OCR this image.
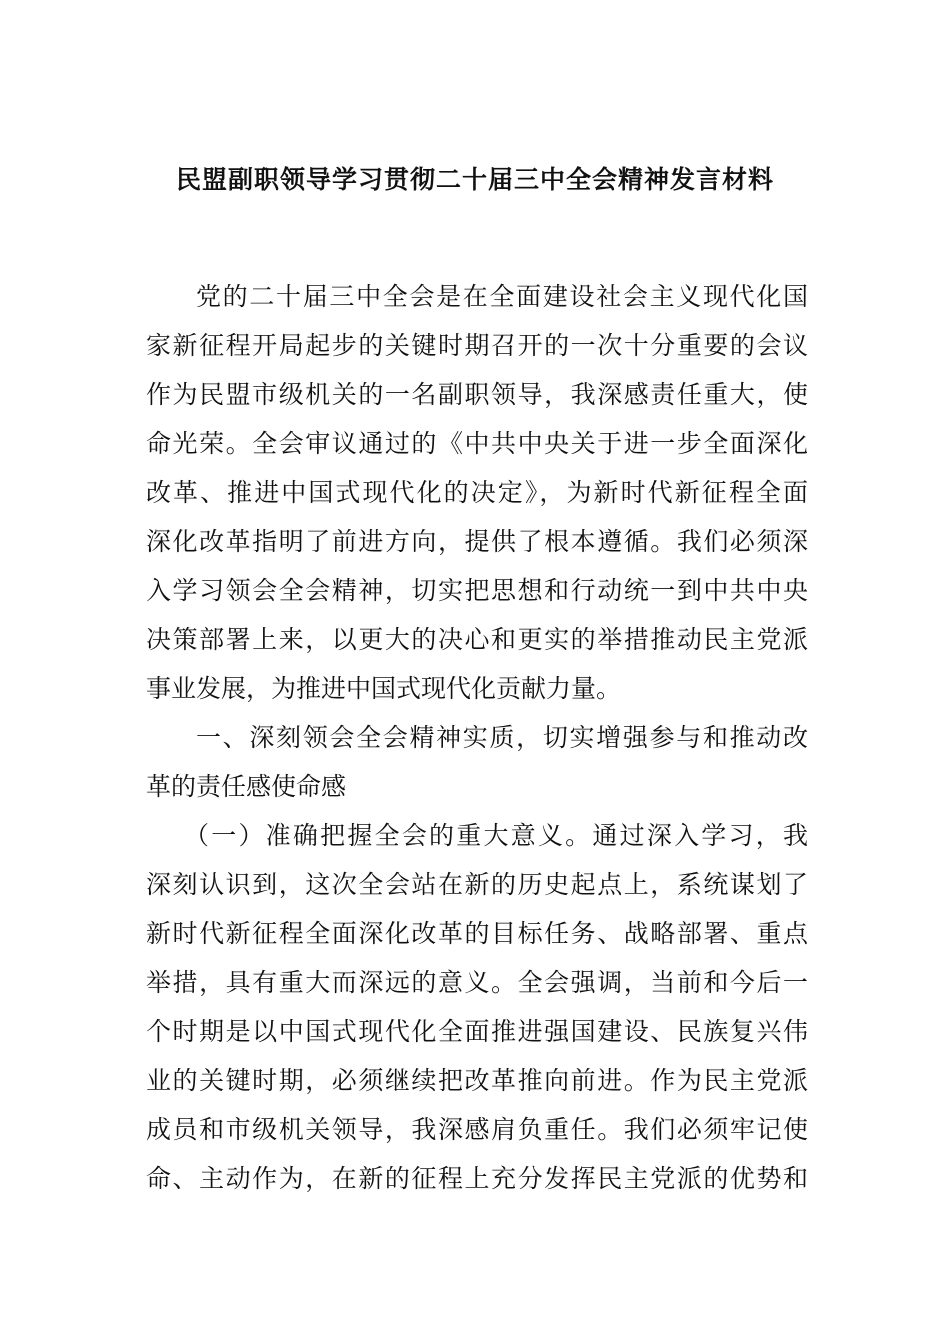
民盟副职领导学习贯彻二十届三中全会精神发言材料
党的二十届三中全会是在全面建设社会主义现代化国
家新征程开局起步的关键时期召开的一次十分重要的会议
作为民盟市级机关的一名副职领导，我深感责任重大，使
命光荣。全会审议通过的《中共中央关于进一步全面深化
改革、推进中国式现代化的决定》，为新时代新征程全面
深化改革指明了前进方向，提供了根本遵循。我们必须深
入学习领会全会精神，切实把思想和行动统一到中共中央
决策部署上来，以更大的决心和更实的举措推动民主党派
事业发展，为推进中国式现代化贡献力量。
一、深刻领会全会精神实质，切实增强参与和推动改
革的责任感使命感
（一）准确把握全会的重大意义。通过深入学习，我
深刻认识到，这次全会站在新的历史起点上，系统谋划了
新时代新征程全面深化改革的目标任务、战略部署、重点
举措，具有重大而深远的意义。全会强调，当前和今后一
个时期是以中国式现代化全面推进强国建设、民族复兴伟
业的关键时期，必须继续把改革推向前进。作为民主党派
成员和市级机关领导，我深感肩负重任。我们必须牢记使
命、主动作为，在新的征程上充分发挥民主党派的优势和
